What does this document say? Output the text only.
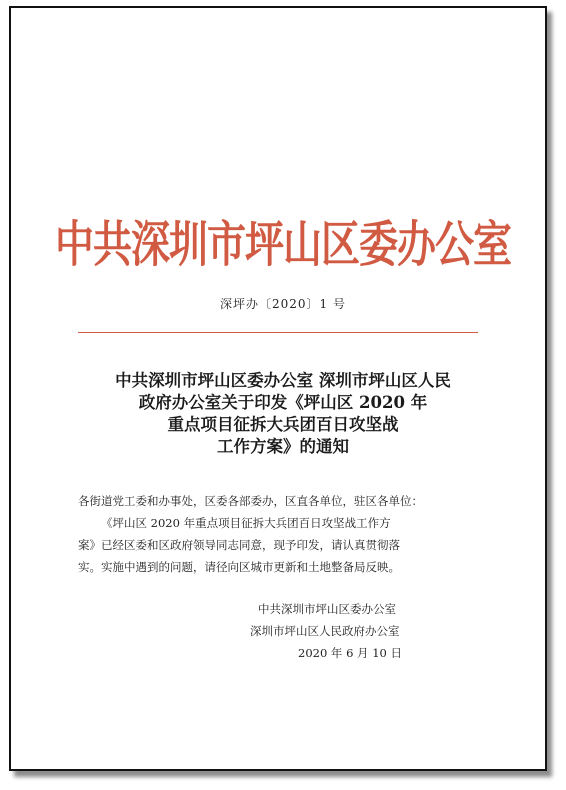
中共深圳市坪山区委办公室
深坪办〔2020〕1 号
中共深圳市坪山区委办公室 深圳市坪山区人民
政府办公室关于印发《坪山区 2020 年
重点项目征拆大兵团百日攻坚战
工作方案》的通知
各街道党工委和办事处，区委各部委办，区直各单位，驻区各单位：
《坪山区 2020 年重点项目征拆大兵团百日攻坚战工作方
案》已经区委和区政府领导同志同意，现予印发，请认真贯彻落
实。实施中遇到的问题，请径向区城市更新和土地整备局反映。
中共深圳市坪山区委办公室
深圳市坪山区人民政府办公室
2020 年 6 月 10 日
